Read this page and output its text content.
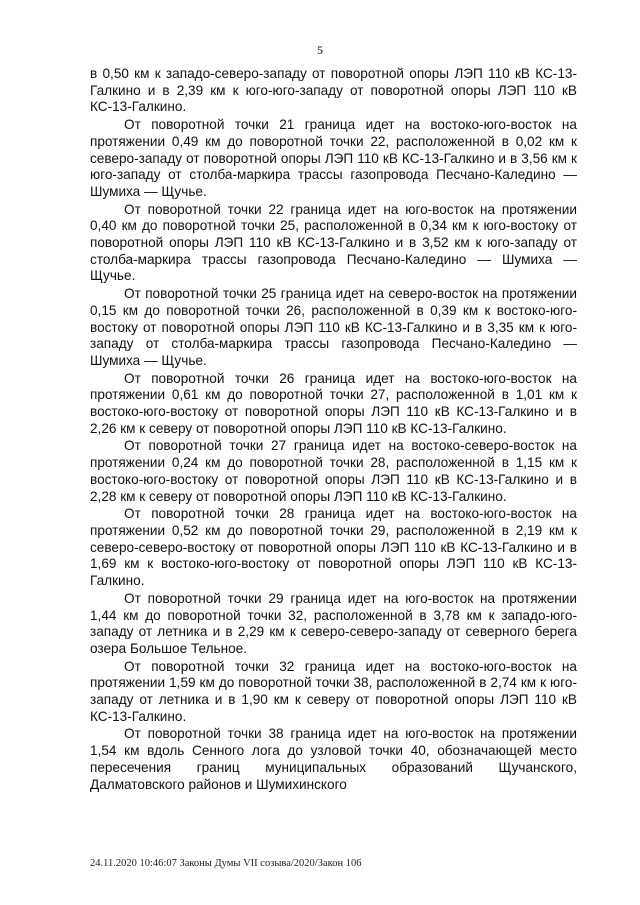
5

в 0,50 км к западо-северо-западу от поворотной опоры ЛЭП 110 кВ КС-13-Галкино и в 2,39 км к юго-юго-западу от поворотной опоры ЛЭП 110 кВ КС-13-Галкино.

От поворотной точки 21 граница идет на востоко-юго-восток на протяжении 0,49 км до поворотной точки 22, расположенной в 0,02 км к северо-западу от поворотной опоры ЛЭП 110 кВ КС-13-Галкино и в 3,56 км к юго-западу от столба-маркира трассы газопровода Песчано-Каледино — Шумиха — Щучье.

От поворотной точки 22 граница идет на юго-восток на протяжении 0,40 км до поворотной точки 25, расположенной в 0,34 км к юго-востоку от поворотной опоры ЛЭП 110 кВ КС-13-Галкино и в 3,52 км к юго-западу от столба-маркира трассы газопровода Песчано-Каледино — Шумиха — Щучье.

От поворотной точки 25 граница идет на северо-восток на протяжении 0,15 км до поворотной точки 26, расположенной в 0,39 км к востоко-юго-востоку от поворотной опоры ЛЭП 110 кВ КС-13-Галкино и в 3,35 км к юго-западу от столба-маркира трассы газопровода Песчано-Каледино — Шумиха — Щучье.

От поворотной точки 26 граница идет на востоко-юго-восток на протяжении 0,61 км до поворотной точки 27, расположенной в 1,01 км к востоко-юго-востоку от поворотной опоры ЛЭП 110 кВ КС-13-Галкино и в 2,26 км к северу от поворотной опоры ЛЭП 110 кВ КС-13-Галкино.

От поворотной точки 27 граница идет на востоко-северо-восток на протяжении 0,24 км до поворотной точки 28, расположенной в 1,15 км к востоко-юго-востоку от поворотной опоры ЛЭП 110 кВ КС-13-Галкино и в 2,28 км к северу от поворотной опоры ЛЭП 110 кВ КС-13-Галкино.

От поворотной точки 28 граница идет на востоко-юго-восток на протяжении 0,52 км до поворотной точки 29, расположенной в 2,19 км к северо-северо-востоку от поворотной опоры ЛЭП 110 кВ КС-13-Галкино и в 1,69 км к востоко-юго-востоку от поворотной опоры ЛЭП 110 кВ КС-13-Галкино.

От поворотной точки 29 граница идет на юго-восток на протяжении 1,44 км до поворотной точки 32, расположенной в 3,78 км к западо-юго-западу от летника и в 2,29 км к северо-северо-западу от северного берега озера Большое Тельное.

От поворотной точки 32 граница идет на востоко-юго-восток на протяжении 1,59 км до поворотной точки 38, расположенной в 2,74 км к юго-западу от летника и в 1,90 км к северу от поворотной опоры ЛЭП 110 кВ КС-13-Галкино.

От поворотной точки 38 граница идет на юго-восток на протяжении 1,54 км вдоль Сенного лога до узловой точки 40, обозначающей место пересечения границ муниципальных образований Щучанского, Далматовского районов и Шумихинского

24.11.2020 10:46:07 Законы Думы VII созыва/2020/Закон 106
